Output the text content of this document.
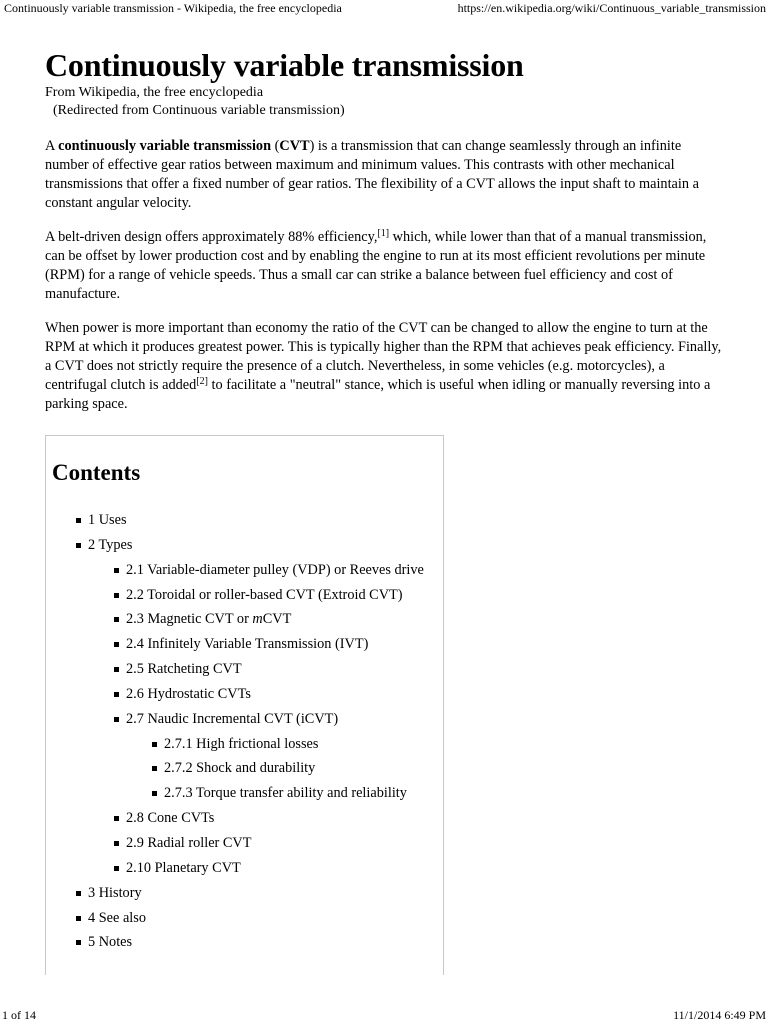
Continuously variable transmission - Wikipedia, the free encyclopedia	https://en.wikipedia.org/wiki/Continuous_variable_transmission
Continuously variable transmission
From Wikipedia, the free encyclopedia
(Redirected from Continuous variable transmission)

A continuously variable transmission (CVT) is a transmission that can change seamlessly through an infinite number of effective gear ratios between maximum and minimum values. This contrasts with other mechanical transmissions that offer a fixed number of gear ratios. The flexibility of a CVT allows the input shaft to maintain a constant angular velocity.

A belt-driven design offers approximately 88% efficiency,[1] which, while lower than that of a manual transmission, can be offset by lower production cost and by enabling the engine to run at its most efficient revolutions per minute (RPM) for a range of vehicle speeds. Thus a small car can strike a balance between fuel efficiency and cost of manufacture.

When power is more important than economy the ratio of the CVT can be changed to allow the engine to turn at the RPM at which it produces greatest power. This is typically higher than the RPM that achieves peak efficiency. Finally, a CVT does not strictly require the presence of a clutch. Nevertheless, in some vehicles (e.g. motorcycles), a centrifugal clutch is added[2] to facilitate a "neutral" stance, which is useful when idling or manually reversing into a parking space.

Contents
1 Uses
2 Types
2.1 Variable-diameter pulley (VDP) or Reeves drive
2.2 Toroidal or roller-based CVT (Extroid CVT)
2.3 Magnetic CVT or mCVT
2.4 Infinitely Variable Transmission (IVT)
2.5 Ratcheting CVT
2.6 Hydrostatic CVTs
2.7 Naudic Incremental CVT (iCVT)
2.7.1 High frictional losses
2.7.2 Shock and durability
2.7.3 Torque transfer ability and reliability
2.8 Cone CVTs
2.9 Radial roller CVT
2.10 Planetary CVT
3 History
4 See also
5 Notes
1 of 14	11/1/2014 6:49 PM
